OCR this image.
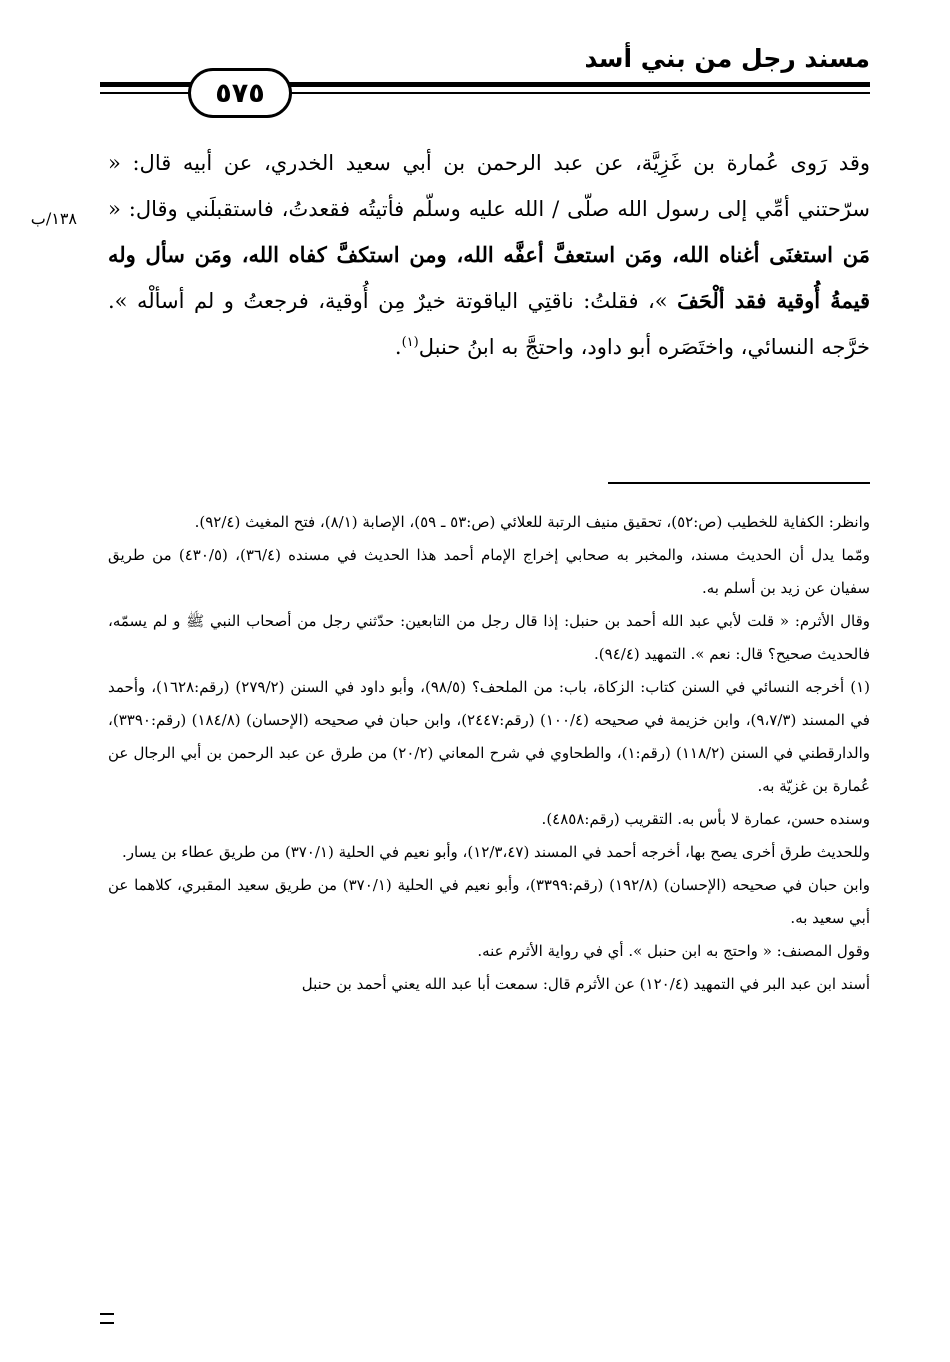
مسند رجل من بني أسد
٥٧٥
١٣٨/ب
وقد رَوى عُمارة بن غَزِيَّة، عن عبد الرحمن بن أبي سعيد الخدري، عن أبيه قال: « سرّحتني أمِّي إلى رسول الله صلّى / الله عليه وسلّم فأتيتُه فقعدتُ، فاستقبلَني وقال: « مَن استغنَى أغناه الله، ومَن استعفَّ أعفَّه الله، ومن استكفَّ كفاه الله، ومَن سأل وله قيمةُ أُوقية فقد ألْحَفَ »، فقلتُ: ناقتِي الياقوتة خيرٌ مِن أُوقية، فرجعتُ و لم أسألْه ». خرَّجه النسائي، واختَصَره أبو داود، واحتجَّ به ابنُ حنبل$^{(١)}$.

وانظر: الكفاية للخطيب (ص:٥٢)، تحقيق منيف الرتبة للعلائي (ص:٥٣ ـ ٥٩)، الإصابة (٨/١)، فتح المغيث (٩٢/٤).

ومّما يدل أن الحديث مسند، والمخبر به صحابي إخراج الإمام أحمد هذا الحديث في مسنده (٣٦/٤)، (٤٣٠/٥) من طريق سفيان عن زيد بن أسلم به.

وقال الأثرم: « قلت لأبي عبد الله أحمد بن حنبل: إذا قال رجل من التابعين: حدّثني رجل من أصحاب النبي ﷺ و لم يسمّه، فالحديث صحيح؟ قال: نعم ». التمهيد (٩٤/٤).

(١) أخرجه النسائي في السنن كتاب: الزكاة، باب: من الملحف؟ (٩٨/٥)، وأبو داود في السنن (٢٧٩/٢) (رقم:١٦٢٨)، وأحمد في المسند (٩،٧/٣)، وابن خزيمة في صحيحه (١٠٠/٤) (رقم:٢٤٤٧)، وابن حبان في صحيحه (الإحسان) (١٨٤/٨) (رقم:٣٣٩٠)، والدارقطني في السنن (١١٨/٢) (رقم:١)، والطحاوي في شرح المعاني (٢٠/٢) من طرق عن عبد الرحمن بن أبي الرجال عن عُمارة بن غزيّة به.

وسنده حسن، عمارة لا بأس به. التقريب (رقم:٤٨٥٨).

وللحديث طرق أخرى يصح بها، أخرجه أحمد في المسند (١٢/٣،٤٧)، وأبو نعيم في الحلية (٣٧٠/١) من طريق عطاء بن يسار.

وابن حبان في صحيحه (الإحسان) (١٩٢/٨) (رقم:٣٣٩٩)، وأبو نعيم في الحلية (٣٧٠/١) من طريق سعيد المقبري، كلاهما عن أبي سعيد به.

وقول المصنف: « واحتج به ابن حنبل ». أي في رواية الأثرم عنه.

أسند ابن عبد البر في التمهيد (١٢٠/٤) عن الأثرم قال: سمعت أبا عبد الله يعني أحمد بن حنبل
